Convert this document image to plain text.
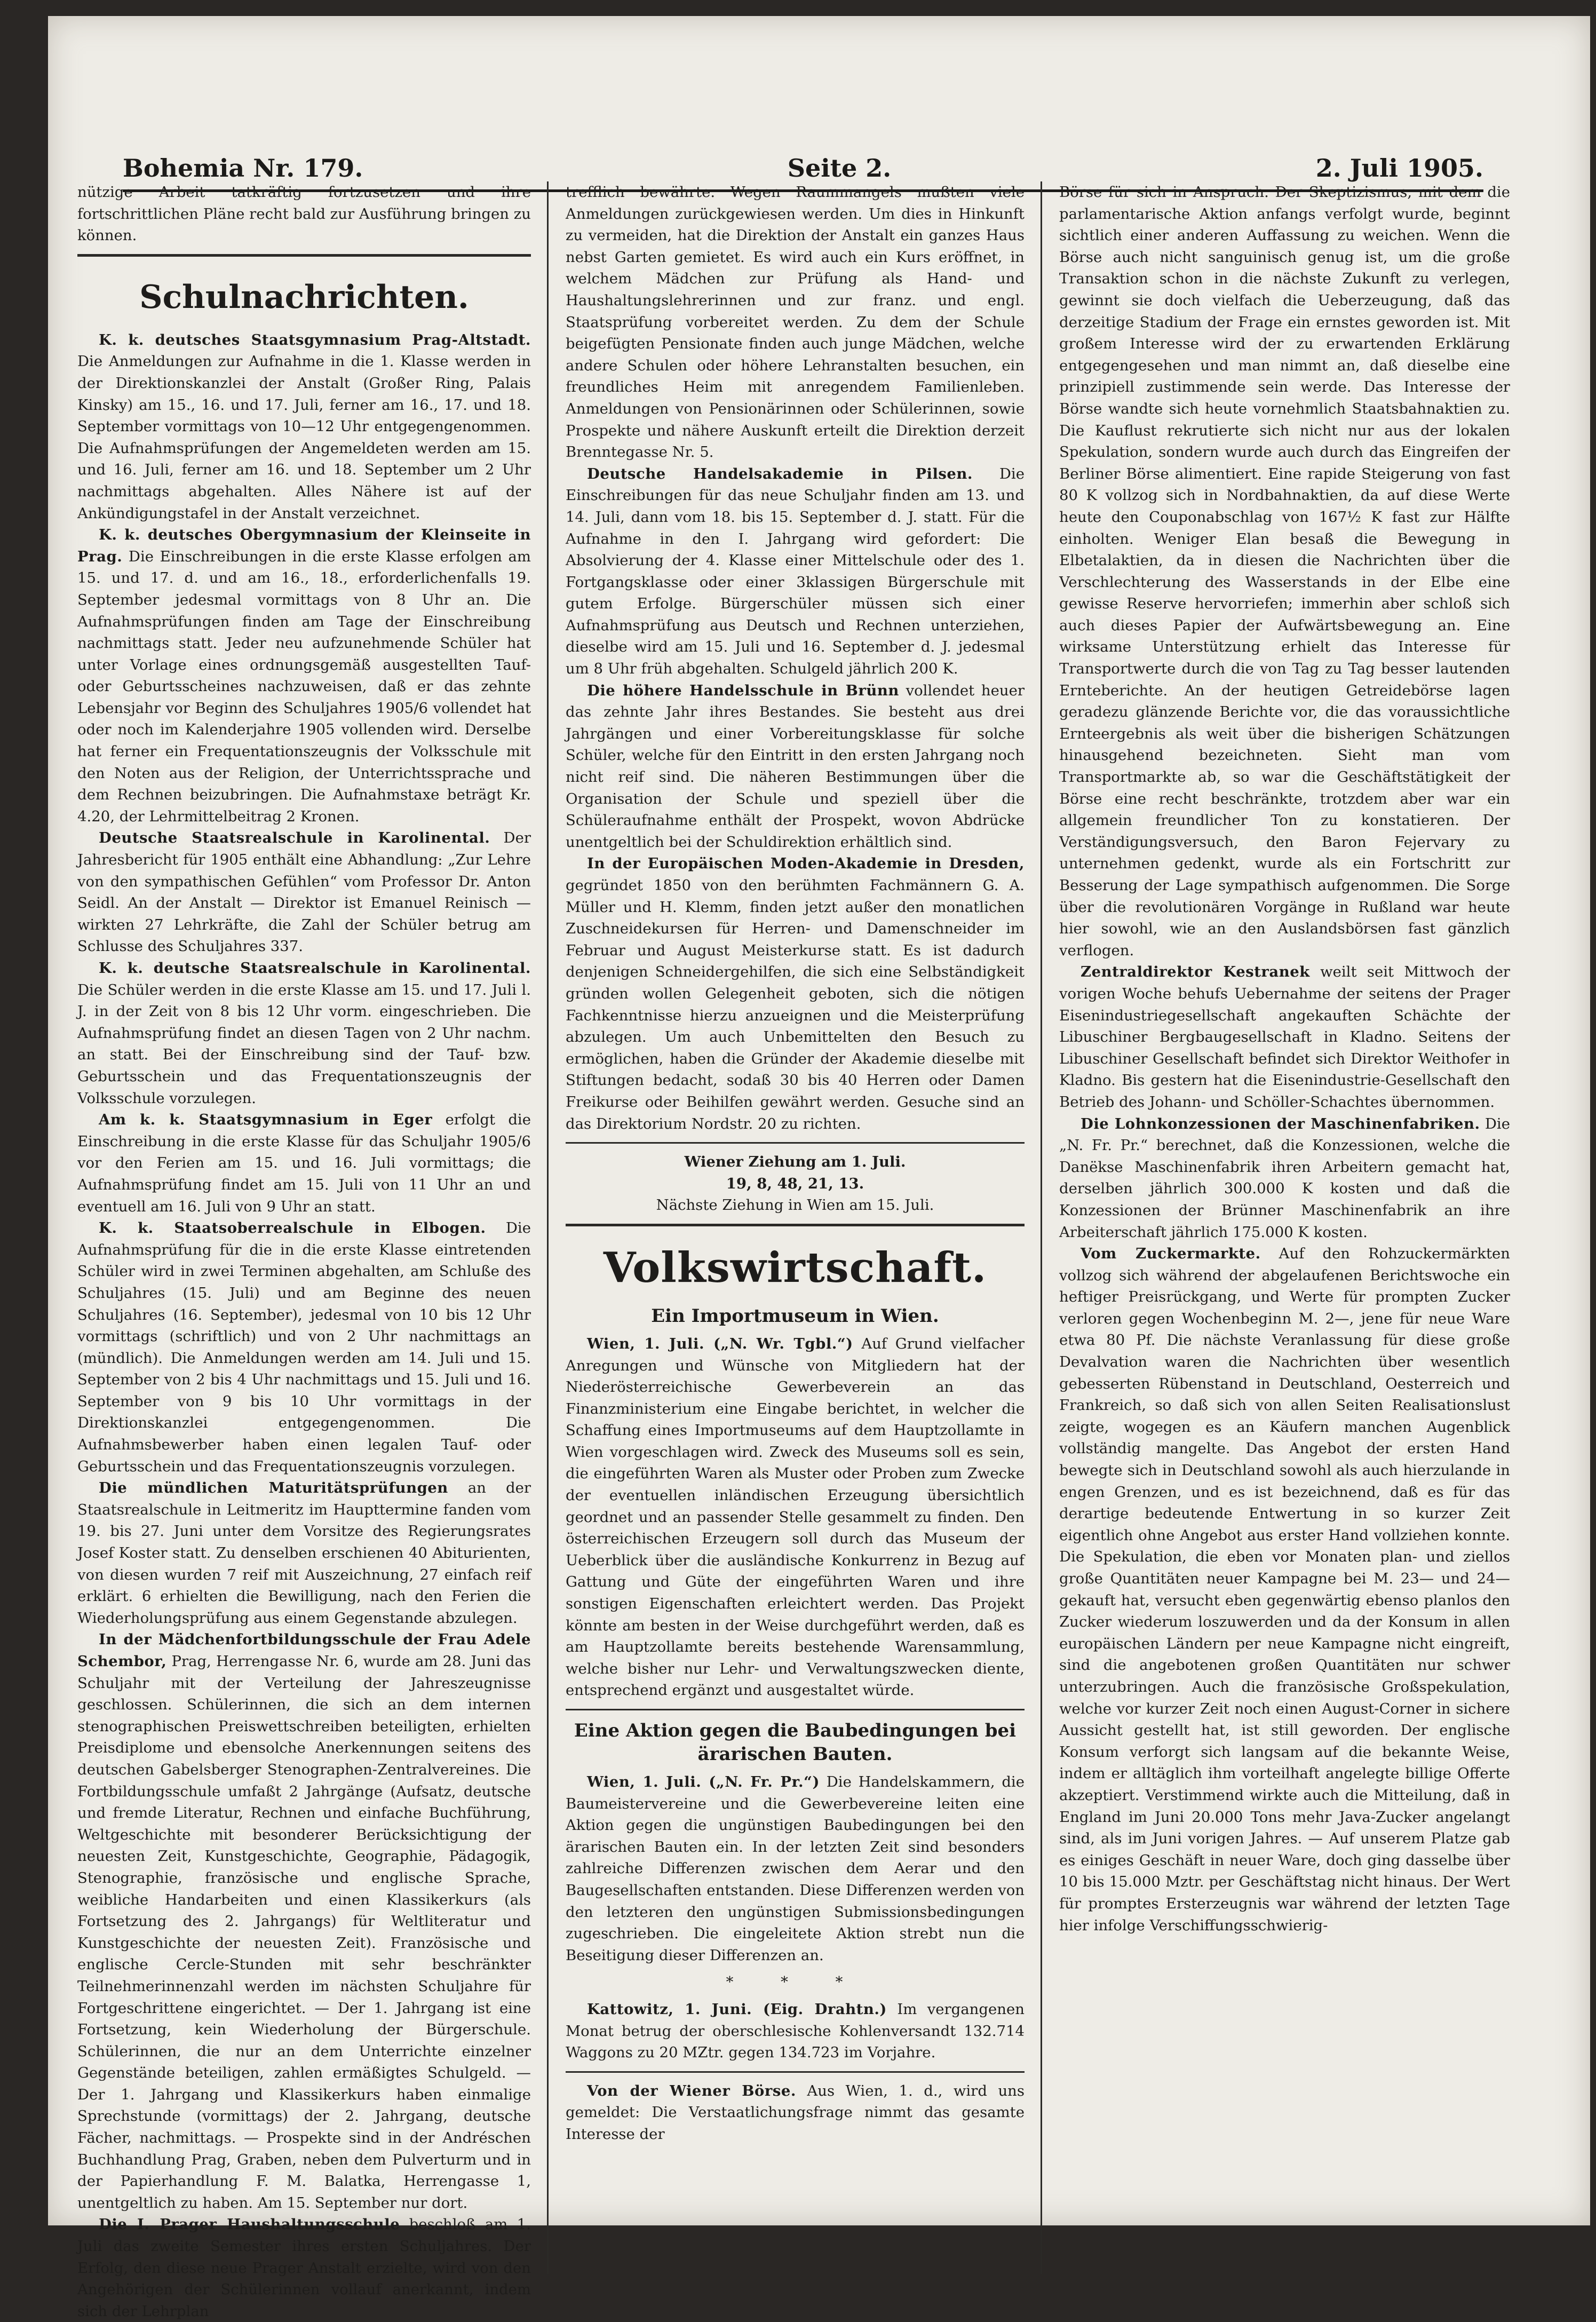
Bohemia Nr. 179.	Seite 2.	2. Juli 1905.

nützige Arbeit tatkräftig fortzusetzen und ihre fortschrittlichen Pläne recht bald zur Ausführung bringen zu können.

Schulnachrichten.

K. k. deutsches Staatsgymnasium Prag-Altstadt. Die Anmeldungen zur Aufnahme in die 1. Klasse werden in der Direktionskanzlei der Anstalt (Großer Ring, Palais Kinsky) am 15., 16. und 17. Juli, ferner am 16., 17. und 18. September vormittags von 10—12 Uhr entgegengenommen. Die Aufnahmsprüfungen der Angemeldeten werden am 15. und 16. Juli, ferner am 16. und 18. September um 2 Uhr nachmittags abgehalten. Alles Nähere ist auf der Ankündigungstafel in der Anstalt verzeichnet.

K. k. deutsches Obergymnasium der Kleinseite in Prag. Die Einschreibungen in die erste Klasse erfolgen am 15. und 17. d. und am 16., 18., erforderlichenfalls 19. September jedesmal vormittags von 8 Uhr an. Die Aufnahmsprüfungen finden am Tage der Einschreibung nachmittags statt. Jeder neu aufzunehmende Schüler hat unter Vorlage eines ordnungsgemäß ausgestellten Tauf- oder Geburtsscheines nachzuweisen, daß er das zehnte Lebensjahr vor Beginn des Schuljahres 1905/6 vollendet hat oder noch im Kalenderjahre 1905 vollenden wird. Derselbe hat ferner ein Frequentationszeugnis der Volksschule mit den Noten aus der Religion, der Unterrichtssprache und dem Rechnen beizubringen. Die Aufnahmstaxe beträgt Kr. 4.20, der Lehrmittelbeitrag 2 Kronen.

Deutsche Staatsrealschule in Karolinental. Der Jahresbericht für 1905 enthält eine Abhandlung: „Zur Lehre von den sympathischen Gefühlen“ vom Professor Dr. Anton Seidl. An der Anstalt — Direktor ist Emanuel Reinisch — wirkten 27 Lehrkräfte, die Zahl der Schüler betrug am Schlusse des Schuljahres 337.

K. k. deutsche Staatsrealschule in Karolinental. Die Schüler werden in die erste Klasse am 15. und 17. Juli l. J. in der Zeit von 8 bis 12 Uhr vorm. eingeschrieben. Die Aufnahmsprüfung findet an diesen Tagen von 2 Uhr nachm. an statt. Bei der Einschreibung sind der Tauf- bzw. Geburtsschein und das Frequentationszeugnis der Volksschule vorzulegen.

Am k. k. Staatsgymnasium in Eger erfolgt die Einschreibung in die erste Klasse für das Schuljahr 1905/6 vor den Ferien am 15. und 16. Juli vormittags; die Aufnahmsprüfung findet am 15. Juli von 11 Uhr an und eventuell am 16. Juli von 9 Uhr an statt.

K. k. Staatsoberrealschule in Elbogen. Die Aufnahmsprüfung für die in die erste Klasse eintretenden Schüler wird in zwei Terminen abgehalten, am Schluße des Schuljahres (15. Juli) und am Beginne des neuen Schuljahres (16. September), jedesmal von 10 bis 12 Uhr vormittags (schriftlich) und von 2 Uhr nachmittags an (mündlich). Die Anmeldungen werden am 14. Juli und 15. September von 2 bis 4 Uhr nachmittags und 15. Juli und 16. September von 9 bis 10 Uhr vormittags in der Direktionskanzlei entgegengenommen. Die Aufnahmsbewerber haben einen legalen Tauf- oder Geburtsschein und das Frequentationszeugnis vorzulegen.

Die mündlichen Maturitätsprüfungen an der Staatsrealschule in Leitmeritz im Haupttermine fanden vom 19. bis 27. Juni unter dem Vorsitze des Regierungsrates Josef Koster statt. Zu denselben erschienen 40 Abiturienten, von diesen wurden 7 reif mit Auszeichnung, 27 einfach reif erklärt. 6 erhielten die Bewilligung, nach den Ferien die Wiederholungsprüfung aus einem Gegenstande abzulegen.

In der Mädchenfortbildungsschule der Frau Adele Schembor, Prag, Herrengasse Nr. 6, wurde am 28. Juni das Schuljahr mit der Verteilung der Jahreszeugnisse geschlossen. Schülerinnen, die sich an dem internen stenographischen Preiswettschreiben beteiligten, erhielten Preisdiplome und ebensolche Anerkennungen seitens des deutschen Gabelsberger Stenographen-Zentralvereines. Die Fortbildungsschule umfaßt 2 Jahrgänge (Aufsatz, deutsche und fremde Literatur, Rechnen und einfache Buchführung, Weltgeschichte mit besonderer Berücksichtigung der neuesten Zeit, Kunstgeschichte, Geographie, Pädagogik, Stenographie, französische und englische Sprache, weibliche Handarbeiten und einen Klassikerkurs (als Fortsetzung des 2. Jahrgangs) für Weltliteratur und Kunstgeschichte der neuesten Zeit). Französische und englische Cercle-Stunden mit sehr beschränkter Teilnehmerinnenzahl werden im nächsten Schuljahre für Fortgeschrittene eingerichtet. — Der 1. Jahrgang ist eine Fortsetzung, kein Wiederholung der Bürgerschule. Schülerinnen, die nur an dem Unterrichte einzelner Gegenstände beteiligen, zahlen ermäßigtes Schulgeld. — Der 1. Jahrgang und Klassikerkurs haben einmalige Sprechstunde (vormittags) der 2. Jahrgang, deutsche Fächer, nachmittags. — Prospekte sind in der Andréschen Buchhandlung Prag, Graben, neben dem Pulverturm und in der Papierhandlung F. M. Balatka, Herrengasse 1, unentgeltlich zu haben. Am 15. September nur dort.

Die I. Prager Haushaltungsschule beschloß am 1. Juli das zweite Semester ihres ersten Schuljahres. Der Erfolg, den diese neue Prager Anstalt erzielte, wird von den Angehörigen der Schülerinnen vollauf anerkannt, indem sich der Lehrplan

trefflich bewährte. Wegen Raummangels mußten viele Anmeldungen zurückgewiesen werden. Um dies in Hinkunft zu vermeiden, hat die Direktion der Anstalt ein ganzes Haus nebst Garten gemietet. Es wird auch ein Kurs eröffnet, in welchem Mädchen zur Prüfung als Hand- und Haushaltungslehrerinnen und zur franz. und engl. Staatsprüfung vorbereitet werden. Zu dem der Schule beigefügten Pensionate finden auch junge Mädchen, welche andere Schulen oder höhere Lehranstalten besuchen, ein freundliches Heim mit anregendem Familienleben. Anmeldungen von Pensionärinnen oder Schülerinnen, sowie Prospekte und nähere Auskunft erteilt die Direktion derzeit Brenntegasse Nr. 5.

Deutsche Handelsakademie in Pilsen. Die Einschreibungen für das neue Schuljahr finden am 13. und 14. Juli, dann vom 18. bis 15. September d. J. statt. Für die Aufnahme in den I. Jahrgang wird gefordert: Die Absolvierung der 4. Klasse einer Mittelschule oder des 1. Fortgangsklasse oder einer 3klassigen Bürgerschule mit gutem Erfolge. Bürgerschüler müssen sich einer Aufnahmsprüfung aus Deutsch und Rechnen unterziehen, dieselbe wird am 15. Juli und 16. September d. J. jedesmal um 8 Uhr früh abgehalten. Schulgeld jährlich 200 K.

Die höhere Handelsschule in Brünn vollendet heuer das zehnte Jahr ihres Bestandes. Sie besteht aus drei Jahrgängen und einer Vorbereitungsklasse für solche Schüler, welche für den Eintritt in den ersten Jahrgang noch nicht reif sind. Die näheren Bestimmungen über die Organisation der Schule und speziell über die Schüleraufnahme enthält der Prospekt, wovon Abdrücke unentgeltlich bei der Schuldirektion erhältlich sind.

In der Europäischen Moden-Akademie in Dresden, gegründet 1850 von den berühmten Fachmännern G. A. Müller und H. Klemm, finden jetzt außer den monatlichen Zuschneidekursen für Herren- und Damenschneider im Februar und August Meisterkurse statt. Es ist dadurch denjenigen Schneidergehilfen, die sich eine Selbständigkeit gründen wollen Gelegenheit geboten, sich die nötigen Fachkenntnisse hierzu anzueignen und die Meisterprüfung abzulegen. Um auch Unbemittelten den Besuch zu ermöglichen, haben die Gründer der Akademie dieselbe mit Stiftungen bedacht, sodaß 30 bis 40 Herren oder Damen Freikurse oder Beihilfen gewährt werden. Gesuche sind an das Direktorium Nordstr. 20 zu richten.

Wiener Ziehung am 1. Juli.

19, 8, 48, 21, 13.

Nächste Ziehung in Wien am 15. Juli.

Volkswirtschaft.
Ein Importmuseum in Wien.

Wien, 1. Juli. („N. Wr. Tgbl.“) Auf Grund vielfacher Anregungen und Wünsche von Mitgliedern hat der Niederösterreichische Gewerbeverein an das Finanzministerium eine Eingabe berichtet, in welcher die Schaffung eines Importmuseums auf dem Hauptzollamte in Wien vorgeschlagen wird. Zweck des Museums soll es sein, die eingeführten Waren als Muster oder Proben zum Zwecke der eventuellen inländischen Erzeugung übersichtlich geordnet und an passender Stelle gesammelt zu finden. Den österreichischen Erzeugern soll durch das Museum der Ueberblick über die ausländische Konkurrenz in Bezug auf Gattung und Güte der eingeführten Waren und ihre sonstigen Eigenschaften erleichtert werden. Das Projekt könnte am besten in der Weise durchgeführt werden, daß es am Hauptzollamte bereits bestehende Warensammlung, welche bisher nur Lehr- und Verwaltungszwecken diente, entsprechend ergänzt und ausgestaltet würde.

Eine Aktion gegen die Baubedingungen bei ärarischen Bauten.

Wien, 1. Juli. („N. Fr. Pr.“) Die Handelskammern, die Baumeistervereine und die Gewerbevereine leiten eine Aktion gegen die ungünstigen Baubedingungen bei den ärarischen Bauten ein. In der letzten Zeit sind besonders zahlreiche Differenzen zwischen dem Aerar und den Baugesellschaften entstanden. Diese Differenzen werden von den letzteren den ungünstigen Submissionsbedingungen zugeschrieben. Die eingeleitete Aktion strebt nun die Beseitigung dieser Differenzen an.

* * *

Kattowitz, 1. Juni. (Eig. Drahtn.) Im vergangenen Monat betrug der oberschlesische Kohlenversandt 132.714 Waggons zu 20 MZtr. gegen 134.723 im Vorjahre.

Von der Wiener Börse. Aus Wien, 1. d., wird uns gemeldet: Die Verstaatlichungsfrage nimmt das gesamte Interesse der

Börse für sich in Anspruch. Der Skeptizismus, mit dem die parlamentarische Aktion anfangs verfolgt wurde, beginnt sichtlich einer anderen Auffassung zu weichen. Wenn die Börse auch nicht sanguinisch genug ist, um die große Transaktion schon in die nächste Zukunft zu verlegen, gewinnt sie doch vielfach die Ueberzeugung, daß das derzeitige Stadium der Frage ein ernstes geworden ist. Mit großem Interesse wird der zu erwartenden Erklärung entgegengesehen und man nimmt an, daß dieselbe eine prinzipiell zustimmende sein werde. Das Interesse der Börse wandte sich heute vornehmlich Staatsbahnaktien zu. Die Kauflust rekrutierte sich nicht nur aus der lokalen Spekulation, sondern wurde auch durch das Eingreifen der Berliner Börse alimentiert. Eine rapide Steigerung von fast 80 K vollzog sich in Nordbahnaktien, da auf diese Werte heute den Couponabschlag von 167½ K fast zur Hälfte einholten. Weniger Elan besaß die Bewegung in Elbetalaktien, da in diesen die Nachrichten über die Verschlechterung des Wasserstands in der Elbe eine gewisse Reserve hervorriefen; immerhin aber schloß sich auch dieses Papier der Aufwärtsbewegung an. Eine wirksame Unterstützung erhielt das Interesse für Transportwerte durch die von Tag zu Tag besser lautenden Ernteberichte. An der heutigen Getreidebörse lagen geradezu glänzende Berichte vor, die das voraussichtliche Ernteergebnis als weit über die bisherigen Schätzungen hinausgehend bezeichneten. Sieht man vom Transportmarkte ab, so war die Geschäftstätigkeit der Börse eine recht beschränkte, trotzdem aber war ein allgemein freundlicher Ton zu konstatieren. Der Verständigungsversuch, den Baron Fejervary zu unternehmen gedenkt, wurde als ein Fortschritt zur Besserung der Lage sympathisch aufgenommen. Die Sorge über die revolutionären Vorgänge in Rußland war heute hier sowohl, wie an den Auslandsbörsen fast gänzlich verflogen.

Zentraldirektor Kestranek weilt seit Mittwoch der vorigen Woche behufs Uebernahme der seitens der Prager Eisenindustriegesellschaft angekauften Schächte der Libuschiner Bergbaugesellschaft in Kladno. Seitens der Libuschiner Gesellschaft befindet sich Direktor Weithofer in Kladno. Bis gestern hat die Eisenindustrie-Gesellschaft den Betrieb des Johann- und Schöller-Schachtes übernommen.

Die Lohnkonzessionen der Maschinenfabriken. Die „N. Fr. Pr.“ berechnet, daß die Konzessionen, welche die Danëkse Maschinenfabrik ihren Arbeitern gemacht hat, derselben jährlich 300.000 K kosten und daß die Konzessionen der Brünner Maschinenfabrik an ihre Arbeiterschaft jährlich 175.000 K kosten.

Vom Zuckermarkte. Auf den Rohzuckermärkten vollzog sich während der abgelaufenen Berichtswoche ein heftiger Preisrückgang, und Werte für prompten Zucker verloren gegen Wochenbeginn M. 2—, jene für neue Ware etwa 80 Pf. Die nächste Veranlassung für diese große Devalvation waren die Nachrichten über wesentlich gebesserten Rübenstand in Deutschland, Oesterreich und Frankreich, so daß sich von allen Seiten Realisationslust zeigte, wogegen es an Käufern manchen Augenblick vollständig mangelte. Das Angebot der ersten Hand bewegte sich in Deutschland sowohl als auch hierzulande in engen Grenzen, und es ist bezeichnend, daß es für das derartige bedeutende Entwertung in so kurzer Zeit eigentlich ohne Angebot aus erster Hand vollziehen konnte. Die Spekulation, die eben vor Monaten plan- und ziellos große Quantitäten neuer Kampagne bei M. 23— und 24— gekauft hat, versucht eben gegenwärtig ebenso planlos den Zucker wiederum loszuwerden und da der Konsum in allen europäischen Ländern per neue Kampagne nicht eingreift, sind die angebotenen großen Quantitäten nur schwer unterzubringen. Auch die französische Großspekulation, welche vor kurzer Zeit noch einen August-Corner in sichere Aussicht gestellt hat, ist still geworden. Der englische Konsum verforgt sich langsam auf die bekannte Weise, indem er alltäglich ihm vorteilhaft angelegte billige Offerte akzeptiert. Verstimmend wirkte auch die Mitteilung, daß in England im Juni 20.000 Tons mehr Java-Zucker angelangt sind, als im Juni vorigen Jahres. — Auf unserem Platze gab es einiges Geschäft in neuer Ware, doch ging dasselbe über 10 bis 15.000 Mztr. per Geschäftstag nicht hinaus. Der Wert für promptes Ersterzeugnis war während der letzten Tage hier infolge Verschiffungsschwierig-
